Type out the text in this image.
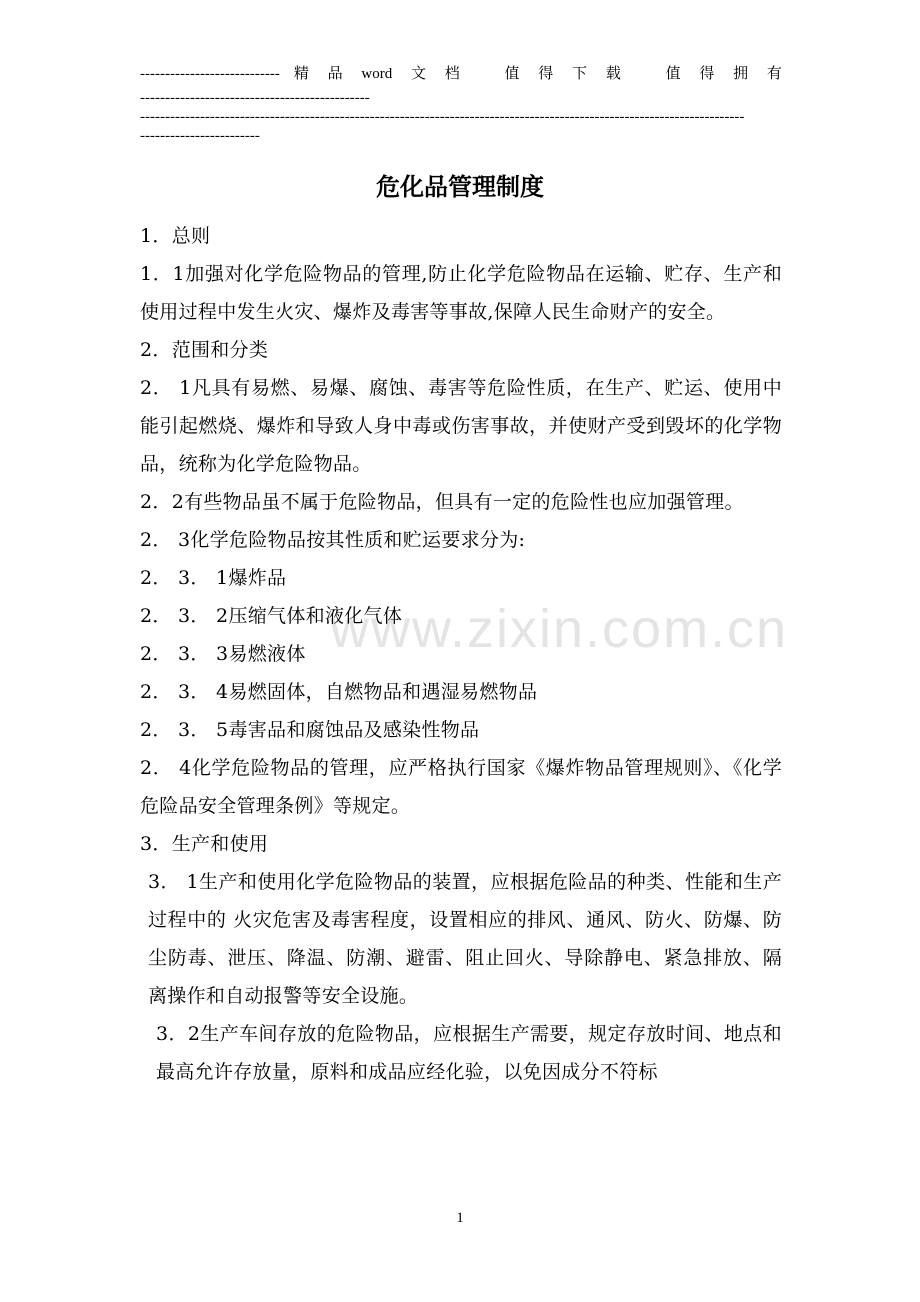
---------------------------- 精 品 word 文 档	值 得 下 载	值 得 拥 有
----------------------------------------------
-------------------------------------------------------------------------------------------------------------------------
------------------------
危化品管理制度
www.zixin.com.cn

1．总则

1．1加强对化学危险物品的管理,防止化学危险物品在运输、贮存、生产和使用过程中发生火灾、爆炸及毒害等事故,保障人民生命财产的安全。

2．范围和分类

2． 1凡具有易燃、易爆、腐蚀、毒害等危险性质，在生产、贮运、使用中能引起燃烧、爆炸和导致人身中毒或伤害事故，并使财产受到毁坏的化学物品，统称为化学危险物品。

2．2有些物品虽不属于危险物品，但具有一定的危险性也应加强管理。

2． 3化学危险物品按其性质和贮运要求分为:

2． 3． 1爆炸品

2． 3． 2压缩气体和液化气体

2． 3． 3易燃液体

2． 3． 4易燃固体，自燃物品和遇湿易燃物品

2． 3． 5毒害品和腐蚀品及感染性物品

2． 4化学危险物品的管理，应严格执行国家《爆炸物品管理规则》、《化学危险品安全管理条例》等规定。

3．生产和使用

3． 1生产和使用化学危险物品的装置，应根据危险品的种类、性能和生产过程中的 火灾危害及毒害程度，设置相应的排风、通风、防火、防爆、防尘防毒、泄压、降温、防潮、避雷、阻止回火、导除静电、紧急排放、隔离操作和自动报警等安全设施。

3．2生产车间存放的危险物品，应根据生产需要，规定存放时间、地点和最高允许存放量，原料和成品应经化验，以免因成分不符标

1
